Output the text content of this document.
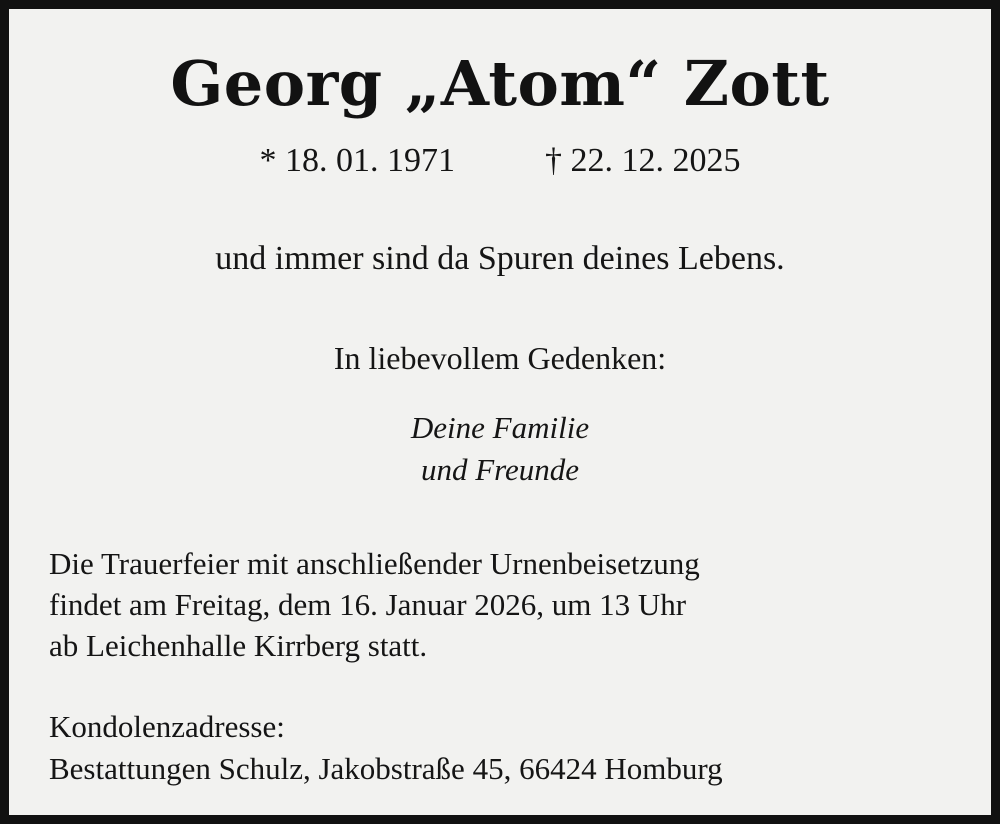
Georg „Atom“ Zott
* 18. 01. 1971	† 22. 12. 2025
und immer sind da Spuren deines Lebens.
In liebevollem Gedenken:
Deine Familie
und Freunde
Die Trauerfeier mit anschließender Urnenbeisetzung
findet am Freitag, dem 16. Januar 2026, um 13 Uhr
ab Leichenhalle Kirrberg statt.
Kondolenzadresse:
Bestattungen Schulz, Jakobstraße 45, 66424 Homburg
